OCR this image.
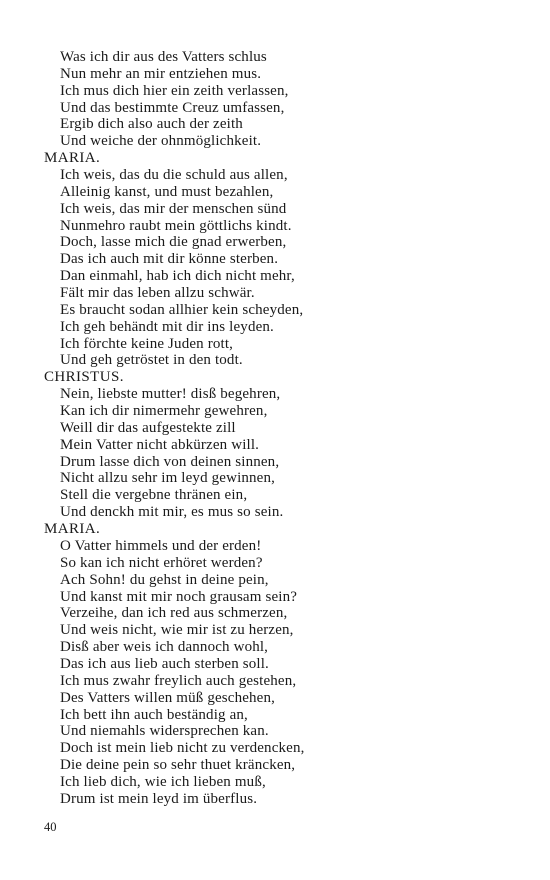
Was ich dir aus des Vatters schlus
Nun mehr an mir entziehen mus.
Ich mus dich hier ein zeith verlassen,
Und das bestimmte Creuz umfassen,
Ergib dich also auch der zeith
Und weiche der ohnmöglichkeit.
MARIA.
Ich weis, das du die schuld aus allen,
Alleinig kanst, und must bezahlen,
Ich weis, das mir der menschen sünd
Nunmehro raubt mein göttlichs kindt.
Doch, lasse mich die gnad erwerben,
Das ich auch mit dir könne sterben.
Dan einmahl, hab ich dich nicht mehr,
Fält mir das leben allzu schwär.
Es braucht sodan allhier kein scheyden,
Ich geh behändt mit dir ins leyden.
Ich förchte keine Juden rott,
Und geh getröstet in den todt.
CHRISTUS.
Nein, liebste mutter! disß begehren,
Kan ich dir nimermehr gewehren,
Weill dir das aufgestekte zill
Mein Vatter nicht abkürzen will.
Drum lasse dich von deinen sinnen,
Nicht allzu sehr im leyd gewinnen,
Stell die vergebne thränen ein,
Und denckh mit mir, es mus so sein.
MARIA.
O Vatter himmels und der erden!
So kan ich nicht erhöret werden?
Ach Sohn! du gehst in deine pein,
Und kanst mit mir noch grausam sein?
Verzeihe, dan ich red aus schmerzen,
Und weis nicht, wie mir ist zu herzen,
Disß aber weis ich dannoch wohl,
Das ich aus lieb auch sterben soll.
Ich mus zwahr freylich auch gestehen,
Des Vatters willen müß geschehen,
Ich bett ihn auch beständig an,
Und niemahls widersprechen kan.
Doch ist mein lieb nicht zu verdencken,
Die deine pein so sehr thuet kräncken,
Ich lieb dich, wie ich lieben muß,
Drum ist mein leyd im überflus.
40
